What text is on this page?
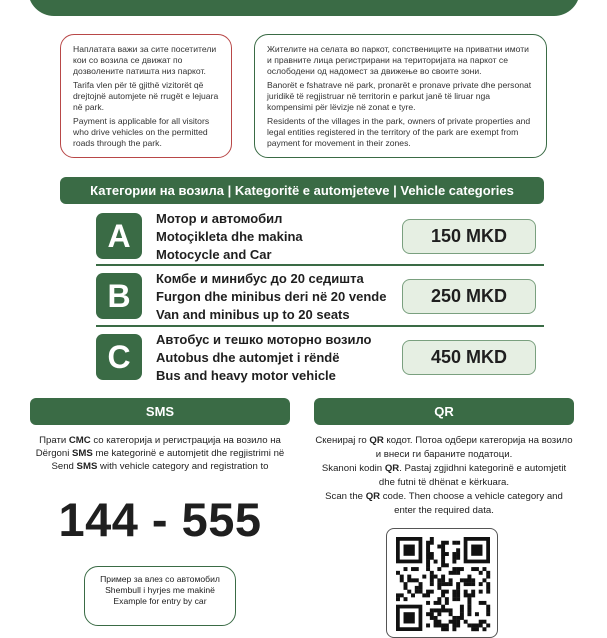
Наплатата важи за сите посетители кои со возила се движат по дозволените патишта низ паркот.

Tarifa vlen për të gjithë vizitorët që drejtojnë automjete në rrugët e lejuara në park.

Payment is applicable for all visitors who drive vehicles on the permitted roads through the park.

Жителите на селата во паркот, сопствениците на приватни имоти и правните лица регистрирани на територијата на паркот се ослободени од надомест за движење во своите зони.

Banorët e fshatrave në park, pronarët e pronave private dhe personat juridikë të regjistruar në territorin e parkut janë të liruar nga kompensimi për lëvizje në zonat e tyre.

Residents of the villages in the park, owners of private properties and legal entities registered in the territory of the park are exempt from payment for movement in their zones.

Категории на возила | Kategoritë e automjeteve | Vehicle categories
A	Мотор и автомобил
Motoçikleta dhe makina
Motocycle and Car
150 MKD
B	Комбе и минибус до 20 седишта
Furgon dhe minibus deri në 20 vende
Van and minibus up to 20 seats
250 MKD
C	Автобус и тешко моторно возило
Autobus dhe automjet i rëndë
Bus and heavy motor vehicle
450 MKD
SMS	QR
Прати СМС со категорија и регистрација на возило на
Dërgoni SMS me kategorinë e automjetit dhe regjistrimi në
Send SMS with vehicle category and registration to
144 - 555
Пример за влез со автомобил
Shembull i hyrjes me makinë
Example for entry by car
Скенирај го QR кодот. Потоа одбери категорија на возило и внеси ги бараните податоци.
Skanoni kodin QR. Pastaj zgjidhni kategorinë e automjetit dhe futni të dhënat e kërkuara.
Scan the QR code. Then choose a vehicle category and enter the required data.
